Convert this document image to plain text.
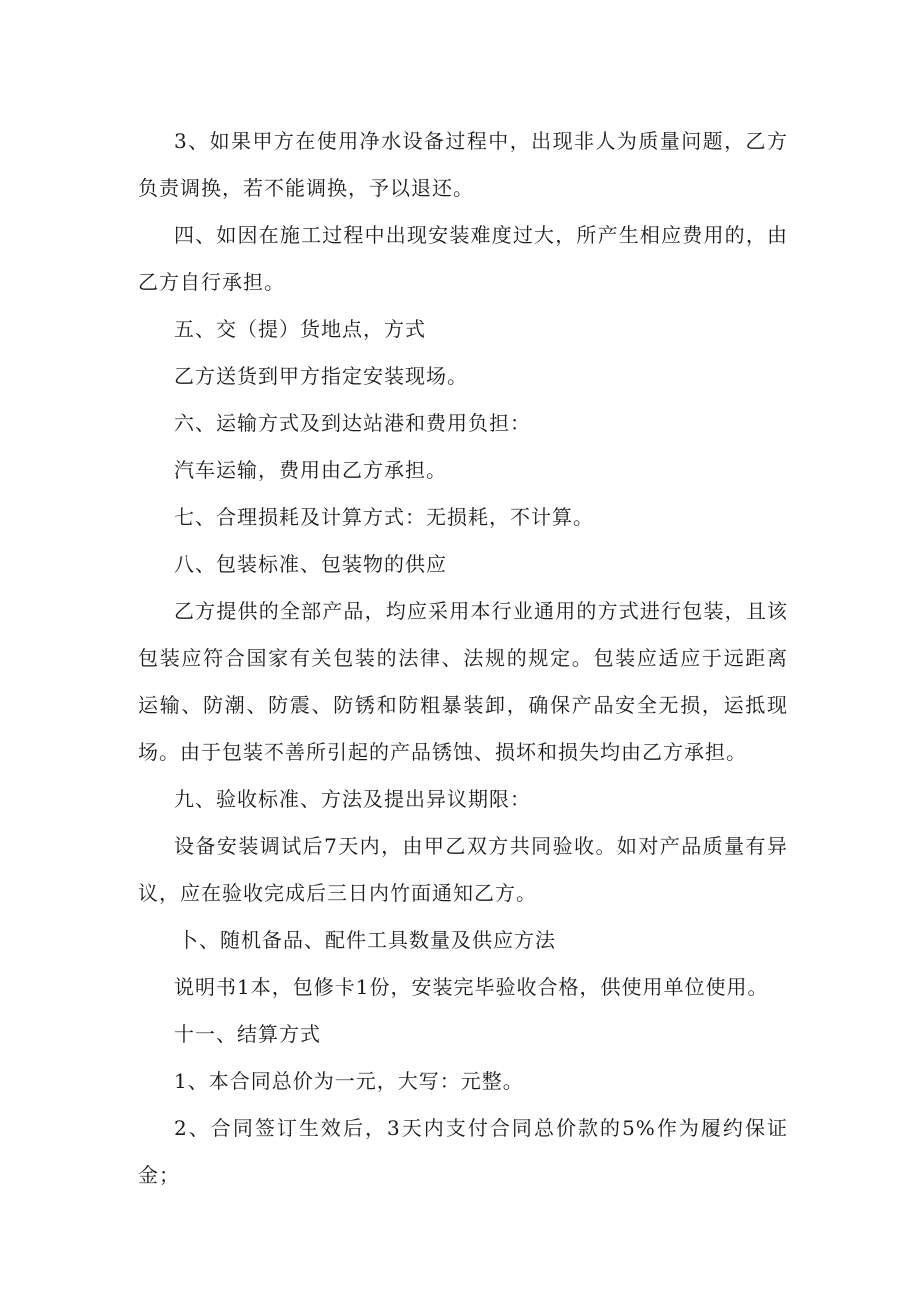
3、如果甲方在使用净水设备过程中，出现非人为质量问题，乙方负责调换，若不能调换，予以退还。

四、如因在施工过程中出现安装难度过大，所产生相应费用的，由乙方自行承担。

五、交（提）货地点，方式

乙方送货到甲方指定安装现场。

六、运输方式及到达站港和费用负担：

汽车运输，费用由乙方承担。

七、合理损耗及计算方式：无损耗，不计算。

八、包装标准、包装物的供应

乙方提供的全部产品，均应采用本行业通用的方式进行包装，且该包装应符合国家有关包装的法律、法规的规定。包装应适应于远距离运输、防潮、防震、防锈和防粗暴装卸，确保产品安全无损，运抵现场。由于包装不善所引起的产品锈蚀、损坏和损失均由乙方承担。

九、验收标准、方法及提出异议期限：

设备安装调试后7天内，由甲乙双方共同验收。如对产品质量有异议，应在验收完成后三日内竹面通知乙方。

卜、随机备品、配件工具数量及供应方法

说明书1本，包修卡1份，安装完毕验收合格，供使用单位使用。

十一、结算方式

1、本合同总价为一元，大写：元整。

2、合同签订生效后，3天内支付合同总价款的5%作为履约保证金；
